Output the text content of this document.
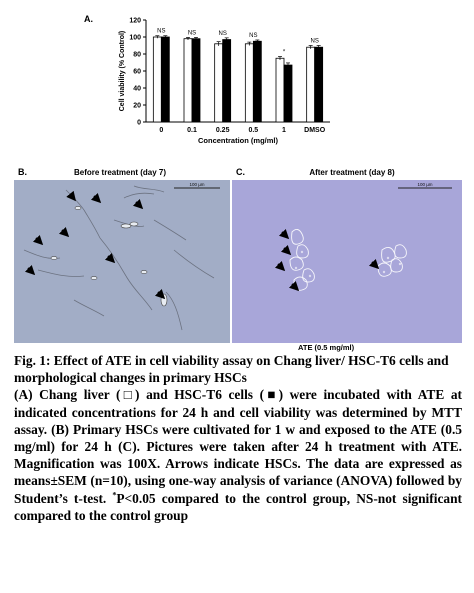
A.
0
20
40
60
80
100
120
Cell viability (% Control)	NS
0
NS
0.1
NS
0.25
NS
0.5
*
1
NS
DMSO
Concentration (mg/ml)
B.	Before treatment (day 7)
100 µm
C.	After treatment (day 8)
100 µm
ATE (0.5 mg/ml)

Fig. 1: Effect of ATE in cell viability assay on Chang liver/ HSC-T6 cells and morphological changes in primary HSCs

(A) Chang liver (□) and HSC-T6 cells (■) were incubated with ATE at indicated concentrations for 24 h and cell viability was determined by MTT assay. (B) Primary HSCs were cultivated for 1 w and exposed to the ATE (0.5 mg/ml) for 24 h (C). Pictures were taken after 24 h treatment with ATE. Magnification was 100X. Arrows indicate HSCs. The data are expressed as means±SEM (n=10), using one-way analysis of variance (ANOVA) followed by Student’s t-test. *P<0.05 compared to the control group, NS-not significant compared to the control group
